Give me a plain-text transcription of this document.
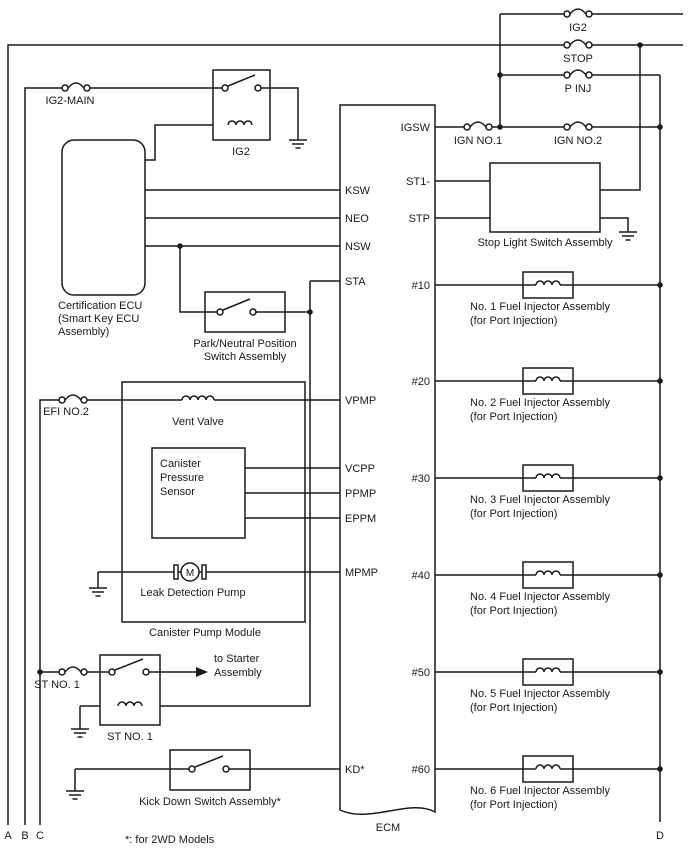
IG2
STOP
P INJ
IG2-MAIN
IGN NO.1	IGN NO.2
EFI NO.2
ST NO. 1
IG2
ST NO. 1
KSW
NEO
NSW
STA
VPMP
VCPP
PPMP
EPPM
MPMP
KD*
IGSW
ST1-
STP
#10
#20
#30
#40
#50
#60
ECM
Certification ECU
(Smart Key ECU
Assembly)
Park/Neutral Position
Switch Assembly
Stop Light Switch Assembly
Vent Valve
Canister
Pressure
Sensor
M
Leak Detection Pump
Canister Pump Module
to Starter
Assembly
Kick Down Switch Assembly*
No. 1 Fuel Injector Assembly
(for Port Injection)
No. 2 Fuel Injector Assembly
(for Port Injection)
No. 3 Fuel Injector Assembly
(for Port Injection)
No. 4 Fuel Injector Assembly
(for Port Injection)
No. 5 Fuel Injector Assembly
(for Port Injection)
No. 6 Fuel Injector Assembly
(for Port Injection)
A B C	D
*: for 2WD Models
